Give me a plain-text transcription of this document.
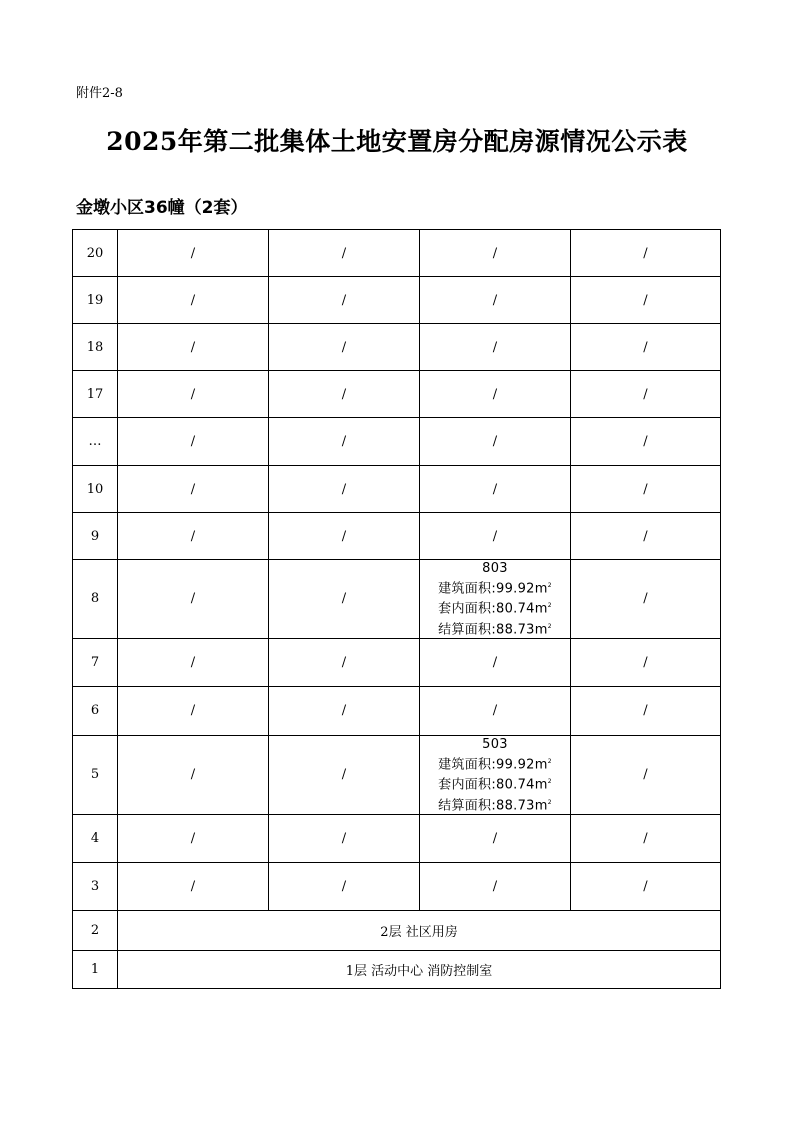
附件2-8
2025年第二批集体土地安置房分配房源情况公示表
金墩小区36幢（2套）
20	/	/	/	/
19	/	/	/	/
18	/	/	/	/
17	/	/	/	/
…	/	/	/	/
10	/	/	/	/
9	/	/	/	/
8	/	/	803
建筑面积$:99.92m^2$
套内面积$:80.74m^2$
结算面积$:88.73m^2$	/
7	/	/	/	/
6	/	/	/	/
5	/	/	503
建筑面积$:99.92m^2$
套内面积$:80.74m^2$
结算面积$:88.73m^2$	/
4	/	/	/	/
3	/	/	/	/
2	2层 社区用房			
1	1层 活动中心 消防控制室			
